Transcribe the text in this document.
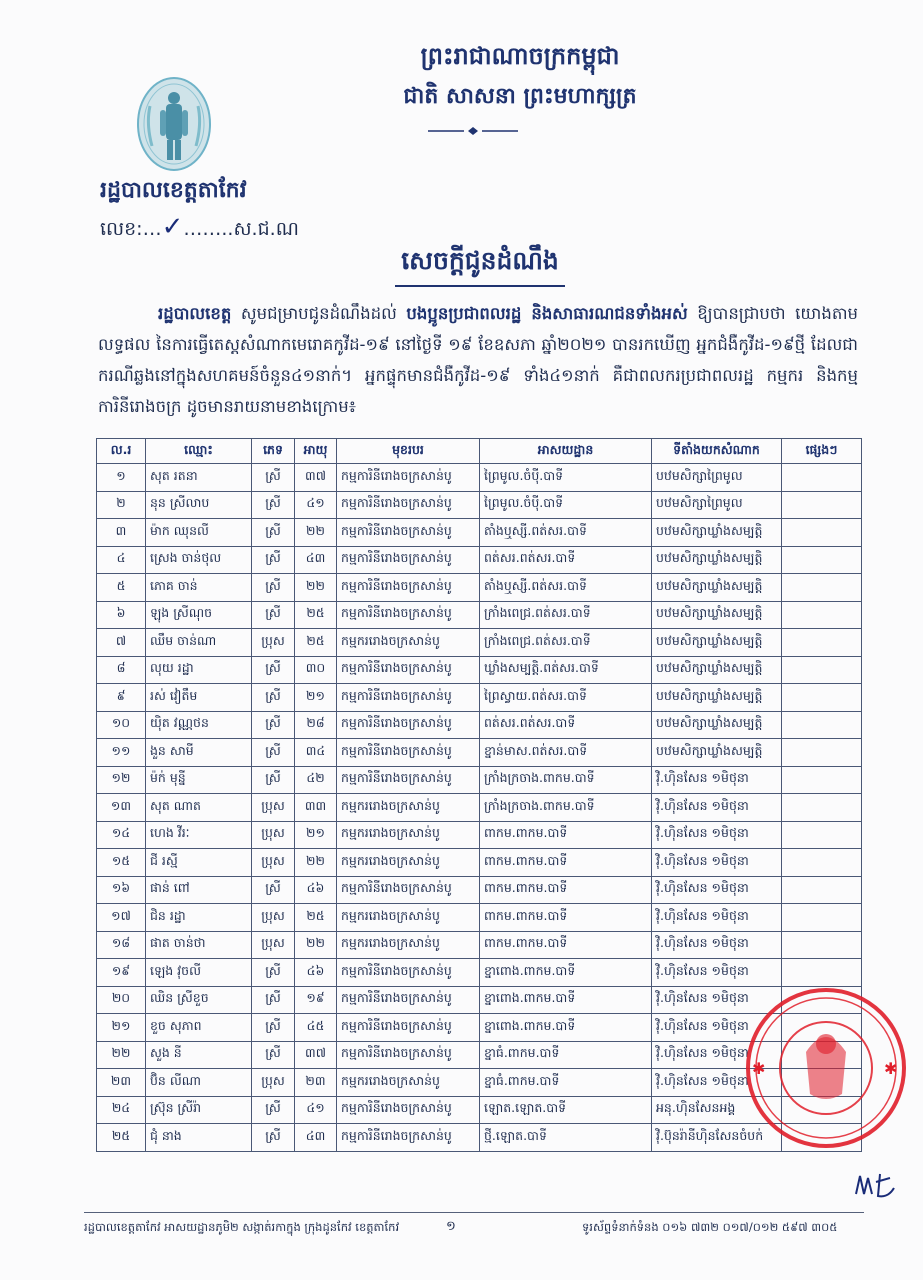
ព្រះរាជាណាចក្រកម្ពុជា
ជាតិ សាសនា ព្រះមហាក្សត្រ
រដ្ឋបាលខេត្តតាកែវ
លេខ:…✓……..ស.ជ.ណ
សេចក្តីជូនដំណឹង
រដ្ឋបាលខេត្ត សូមជម្រាបជូនដំណឹងដល់ បងប្អូនប្រជាពលរដ្ឋ និងសាធារណជនទាំងអស់ ឱ្យបានជ្រាបថា យោងតាមលទ្ធផល នៃការធ្វើតេស្តសំណាកមេរោគកូវីដ-១៩ នៅថ្ងៃទី ១៩ ខែឧសភា ឆ្នាំ២០២១ បានរកឃើញ អ្នកជំងឺកូវីដ-១៩ថ្មី ដែលជាករណីឆ្លងនៅក្នុងសហគមន៍ចំនួន៤១នាក់។ អ្នកផ្ទុកមានជំងឺកូវីដ-១៩ ទាំង៤១នាក់ គឺជាពលករប្រជាពលរដ្ឋ កម្មករ និងកម្មការិនីរោងចក្រ ដូចមានរាយនាមខាងក្រោម៖
ល.រ	ឈ្មោះ	ភេទ	អាយុ	មុខរបរ	អាសយដ្ឋាន	ទីតាំងយកសំណាក	ផ្សេងៗ
១	សុត រតនា	ស្រី	៣៧	កម្មការិនីរោងចក្រសាន់បូ	ព្រៃមូល.ចំប៉ី.បាទី	បឋមសិក្សាព្រៃមូល	
២	នុន ស្រីលាប	ស្រី	៤១	កម្មការិនីរោងចក្រសាន់បូ	ព្រៃមូល.ចំប៉ី.បាទី	បឋមសិក្សាព្រៃមូល	
៣	ម៉ាក ឈុនលី	ស្រី	២២	កម្មការិនីរោងចក្រសាន់បូ	តាំងឬស្សី.ពត់សរ.បាទី	បឋមសិក្សាឃ្លាំងសម្បត្តិ	
៤	ស្រេង ចាន់ថុល	ស្រី	៤៣	កម្មការិនីរោងចក្រសាន់បូ	ពត់សរ.ពត់សរ.បាទី	បឋមសិក្សាឃ្លាំងសម្បត្តិ	
៥	ភោគ ចាន់	ស្រី	២២	កម្មការិនីរោងចក្រសាន់បូ	តាំងឬស្សី.ពត់សរ.បាទី	បឋមសិក្សាឃ្លាំងសម្បត្តិ	
៦	ឡុង ស្រីណុច	ស្រី	២៥	កម្មការិនីរោងចក្រសាន់បូ	ក្រាំងពេជ្រ.ពត់សរ.បាទី	បឋមសិក្សាឃ្លាំងសម្បត្តិ	
៧	ឈឹម ចាន់ណា	ប្រុស	២៥	កម្មកររោងចក្រសាន់បូ	ក្រាំងពេជ្រ.ពត់សរ.បាទី	បឋមសិក្សាឃ្លាំងសម្បត្តិ	
៨	លុយ រដ្ឋា	ស្រី	៣០	កម្មការិនីរោងចក្រសាន់បូ	ឃ្លាំងសម្បត្តិ.ពត់សរ.បាទី	បឋមសិក្សាឃ្លាំងសម្បត្តិ	
៩	រស់ វៀតឹម	ស្រី	២១	កម្មការិនីរោងចក្រសាន់បូ	ព្រៃស្វាយ.ពត់សរ.បាទី	បឋមសិក្សាឃ្លាំងសម្បត្តិ	
១០	យ៉ិត វណ្ណថន	ស្រី	២៨	កម្មការិនីរោងចក្រសាន់បូ	ពត់សរ.ពត់សរ.បាទី	បឋមសិក្សាឃ្លាំងសម្បត្តិ	
១១	ងួន សាមី	ស្រី	៣៤	កម្មការិនីរោងចក្រសាន់បូ	ខ្នាន់មាស.ពត់សរ.បាទី	បឋមសិក្សាឃ្លាំងសម្បត្តិ	
១២	ម៉ក់ មុន្នី	ស្រី	៤២	កម្មការិនីរោងចក្រសាន់បូ	ក្រាំងក្រចាង.ពាកម.បាទី	វ៉ិ.ហ៊ិនសែន ១មិថុនា	
១៣	សុត ណាត	ប្រុស	៣៣	កម្មកររោងចក្រសាន់បូ	ក្រាំងក្រចាង.ពាកម.បាទី	វ៉ិ.ហ៊ិនសែន ១មិថុនា	
១៤	ហេង វីរៈ	ប្រុស	២១	កម្មកររោងចក្រសាន់បូ	ពាកម.ពាកម.បាទី	វ៉ិ.ហ៊ិនសែន ១មិថុនា	
១៥	ជី រស្មី	ប្រុស	២២	កម្មកររោងចក្រសាន់បូ	ពាកម.ពាកម.បាទី	វ៉ិ.ហ៊ិនសែន ១មិថុនា	
១៦	ផាន់ ពៅ	ស្រី	៤៦	កម្មការិនីរោងចក្រសាន់បូ	ពាកម.ពាកម.បាទី	វ៉ិ.ហ៊ិនសែន ១មិថុនា	
១៧	ជិន រដ្ឋា	ប្រុស	២៥	កម្មកររោងចក្រសាន់បូ	ពាកម.ពាកម.បាទី	វ៉ិ.ហ៊ិនសែន ១មិថុនា	
១៨	ផាត ចាន់ថា	ប្រុស	២២	កម្មកររោងចក្រសាន់បូ	ពាកម.ពាកម.បាទី	វ៉ិ.ហ៊ិនសែន ១មិថុនា	
១៩	ឡេង វុចលី	ស្រី	៤៦	កម្មការិនីរោងចក្រសាន់បូ	ខ្នាពោង.ពាកម.បាទី	វ៉ិ.ហ៊ិនសែន ១មិថុនា	
២០	ឈិន ស្រីខួច	ស្រី	១៩	កម្មការិនីរោងចក្រសាន់បូ	ខ្នាពោង.ពាកម.បាទី	វ៉ិ.ហ៊ិនសែន ១មិថុនា	
២១	ខួច សុភាព	ស្រី	៤៥	កម្មការិនីរោងចក្រសាន់បូ	ខ្នាពោង.ពាកម.បាទី	វ៉ិ.ហ៊ិនសែន ១មិថុនា	
២២	សួង នី	ស្រី	៣៧	កម្មការិនីរោងចក្រសាន់បូ	ខ្នាធំ.ពាកម.បាទី	វ៉ិ.ហ៊ិនសែន ១មិថុនា	
២៣	ប៊ិន លីណា	ប្រុស	២៣	កម្មកររោងចក្រសាន់បូ	ខ្នាធំ.ពាកម.បាទី	វ៉ិ.ហ៊ិនសែន ១មិថុនា	
២៤	ស្រ៊ុន ស្រីរ៉ា	ស្រី	៤១	កម្មការិនីរោងចក្រសាន់បូ	ឡោត.ឡោត.បាទី	អនុ.ហ៊ិនសែនអង្គ	
២៥	ជុំ នាង	ស្រី	៤៣	កម្មការិនីរោងចក្រសាន់បូ	ថ្មី.ឡោត.បាទី	វ៉ិ.ប៊ុនរ៉ានីហ៊ិនសែនចំបក់	
✱	✱
រដ្ឋបាលខេត្តតាកែវ អាសយដ្ឋានភូមិ២ សង្កាត់រកាក្នុង ក្រុងដូនកែវ ខេត្តតាកែវ	១	ទូរស័ព្ទទំនាក់ទំនង ០១៦ ៧៣២ ០១៧/០១២ ៥៩៧ ៣០៥
